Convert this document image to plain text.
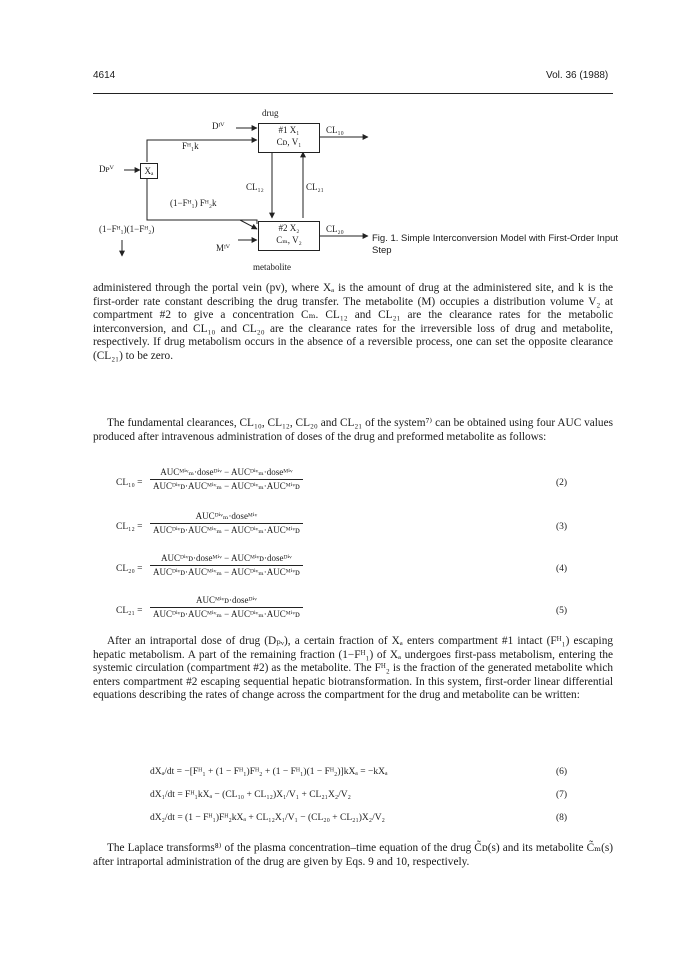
4614	Vol. 36 (1988)
drug
#1 X₁
Cᴅ, V₁
#2 X₂
Cₘ, V₂
Xₐ
metabolite
Dᴵⱽ	CL₁₀
Dᴘⱽ
Fᴴ₁k
CL₁₂	CL₂₁
(1−Fᴴ₁) Fᴴ₂k
(1−Fᴴ₁)(1−Fᴴ₂)
Mᴵⱽ
CL₂₀
Fig. 1. Simple Interconversion Model with First-Order Input Step

administered through the portal vein (pv), where Xₐ is the amount of drug at the administered site, and k is the first-order rate constant describing the drug transfer. The metabolite (M) occupies a distribution volume V₂ at compartment #2 to give a concentration Cₘ. CL₁₂ and CL₂₁ are the clearance rates for the metabolic interconversion, and CL₁₀ and CL₂₀ are the clearance rates for the irreversible loss of drug and metabolite, respectively. If drug metabolism occurs in the absence of a reversible process, one can set the opposite clearance (CL₂₁) to be zero.

The fundamental clearances, CL₁₀, CL₁₂, CL₂₀ and CL₂₁ of the system⁷⁾ can be obtained using four AUC values produced after intravenous administration of doses of the drug and preformed metabolite as follows:

CL₁₀ =
AUCᴹⁱᵛₘ·doseᴰⁱᵛ − AUCᴰⁱᵛₘ·doseᴹⁱᵛ
AUCᴰⁱᵛᴅ·AUCᴹⁱᵛₘ − AUCᴰⁱᵛₘ·AUCᴹⁱᵛᴅ	(2)
CL₁₂ =
AUCᴰⁱᵛₘ·doseᴹⁱᵛ
AUCᴰⁱᵛᴅ·AUCᴹⁱᵛₘ − AUCᴰⁱᵛₘ·AUCᴹⁱᵛᴅ	(3)
CL₂₀ =
AUCᴰⁱᵛᴅ·doseᴹⁱᵛ − AUCᴹⁱᵛᴅ·doseᴰⁱᵛ
AUCᴰⁱᵛᴅ·AUCᴹⁱᵛₘ − AUCᴰⁱᵛₘ·AUCᴹⁱᵛᴅ	(4)
CL₂₁ =
AUCᴹⁱᵛᴅ·doseᴰⁱᵛ
AUCᴰⁱᵛᴅ·AUCᴹⁱᵛₘ − AUCᴰⁱᵛₘ·AUCᴹⁱᵛᴅ	(5)

After an intraportal dose of drug (Dₚᵥ), a certain fraction of Xₐ enters compartment #1 intact (Fᴴ₁) escaping hepatic metabolism. A part of the remaining fraction (1−Fᴴ₁) of Xₐ undergoes first-pass metabolism, entering the systemic circulation (compartment #2) as the metabolite. The Fᴴ₂ is the fraction of the generated metabolite which enters compartment #2 escaping sequential hepatic biotransformation. In this system, first-order linear differential equations describing the rates of change across the compartment for the drug and metabolite can be written:

dXₐ/dt = −[Fᴴ₁ + (1 − Fᴴ₁)Fᴴ₂ + (1 − Fᴴ₁)(1 − Fᴴ₂)]kXₐ = −kXₐ	(6)
dX₁/dt = Fᴴ₁kXₐ − (CL₁₀ + CL₁₂)X₁/V₁ + CL₂₁X₂/V₂	(7)
dX₂/dt = (1 − Fᴴ₁)Fᴴ₂kXₐ + CL₁₂X₁/V₁ − (CL₂₀ + CL₂₁)X₂/V₂	(8)

The Laplace transforms⁸⁾ of the plasma concentration–time equation of the drug C̃ᴅ(s) and its metabolite C̃ₘ(s) after intraportal administration of the drug are given by Eqs. 9 and 10, respectively.
